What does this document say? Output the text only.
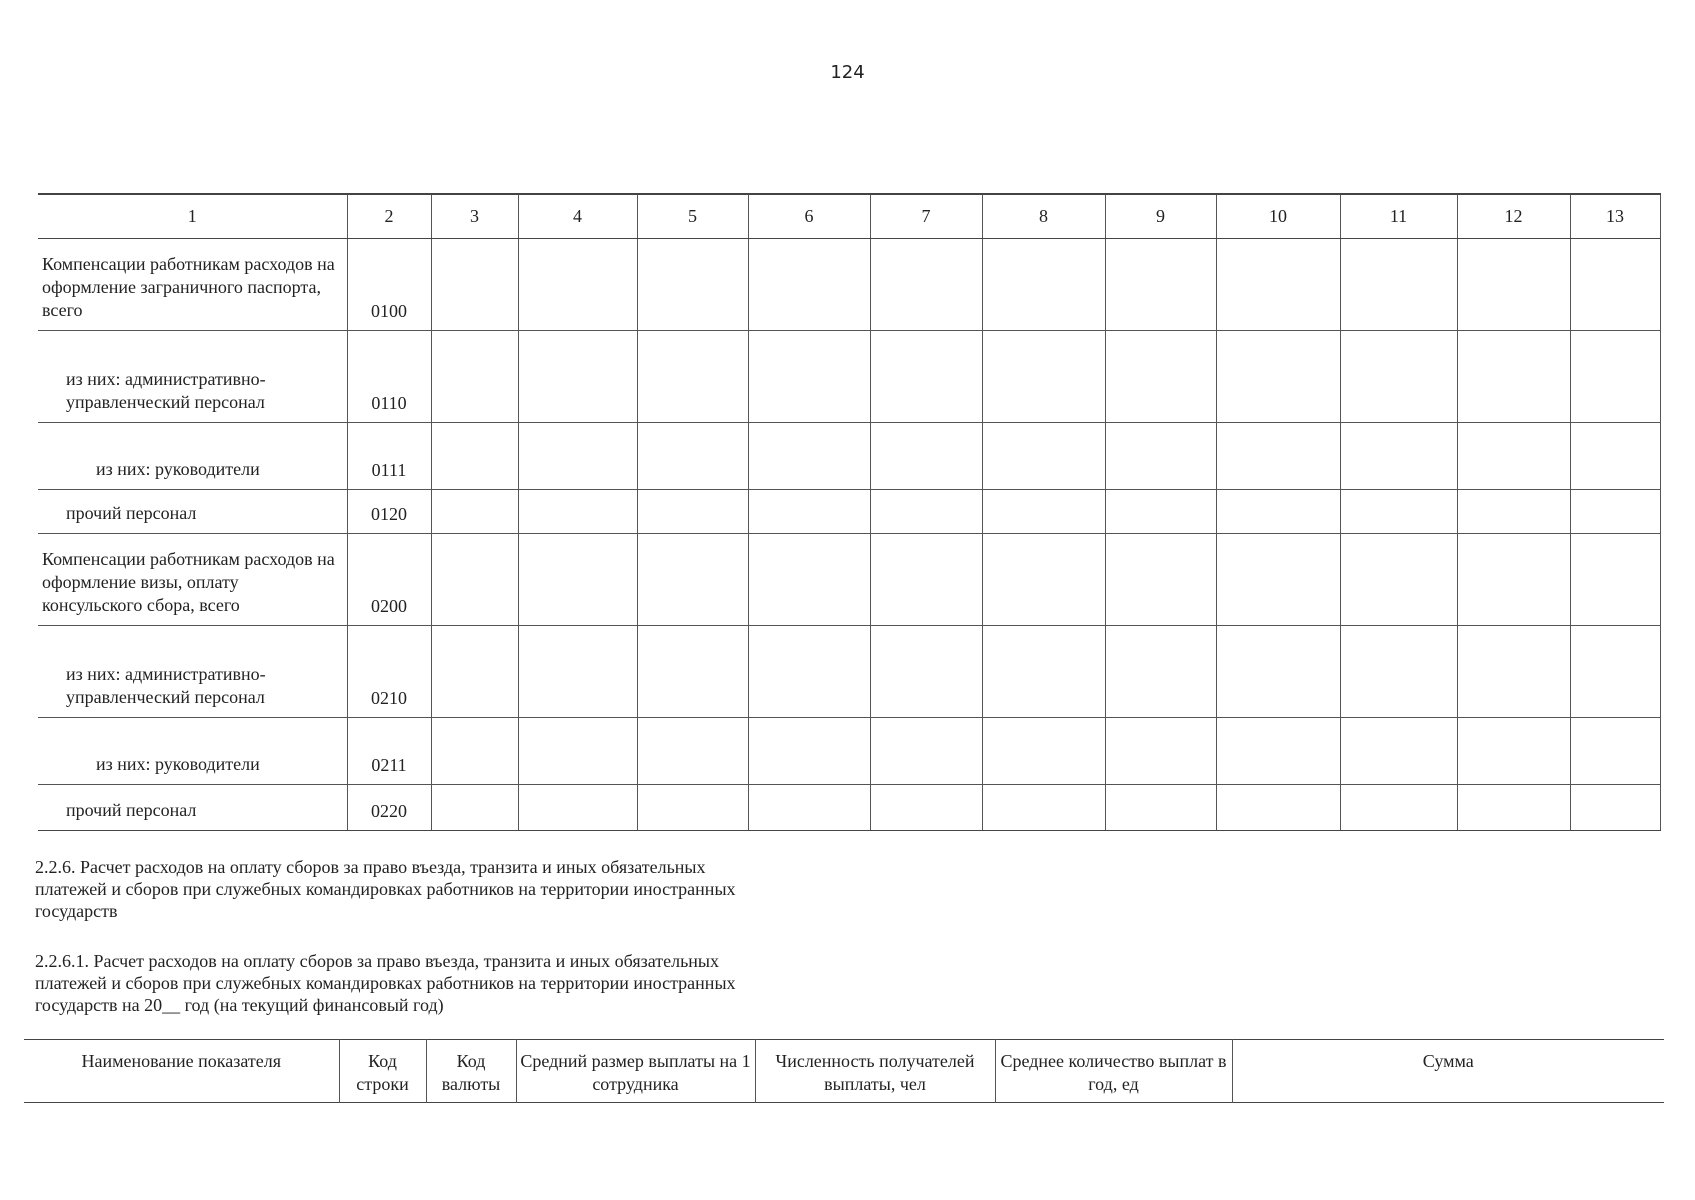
124
1	2	3	4	5	6	7	8	9	10	11	12	13
Компенсации работникам расходов на оформление заграничного паспорта, всего	0100											
из них: административно-управленческий персонал	0110											
из них: руководители	0111											
прочий персонал	0120											
Компенсации работникам расходов на оформление визы, оплату консульского сбора, всего	0200											
из них: административно-управленческий персонал	0210											
из них: руководители	0211											
прочий персонал	0220											

2.2.6. Расчет расходов на оплату сборов за право въезда, транзита и иных обязательных платежей и сборов при служебных командировках работников на территории иностранных государств

2.2.6.1. Расчет расходов на оплату сборов за право въезда, транзита и иных обязательных платежей и сборов при служебных командировках работников на территории иностранных государств на 20__ год (на текущий финансовый год)

Наименование показателя	Код строки	Код валюты	Средний размер выплаты на 1 сотрудника	Численность получателей выплаты, чел	Среднее количество выплат в год, ед	Сумма
